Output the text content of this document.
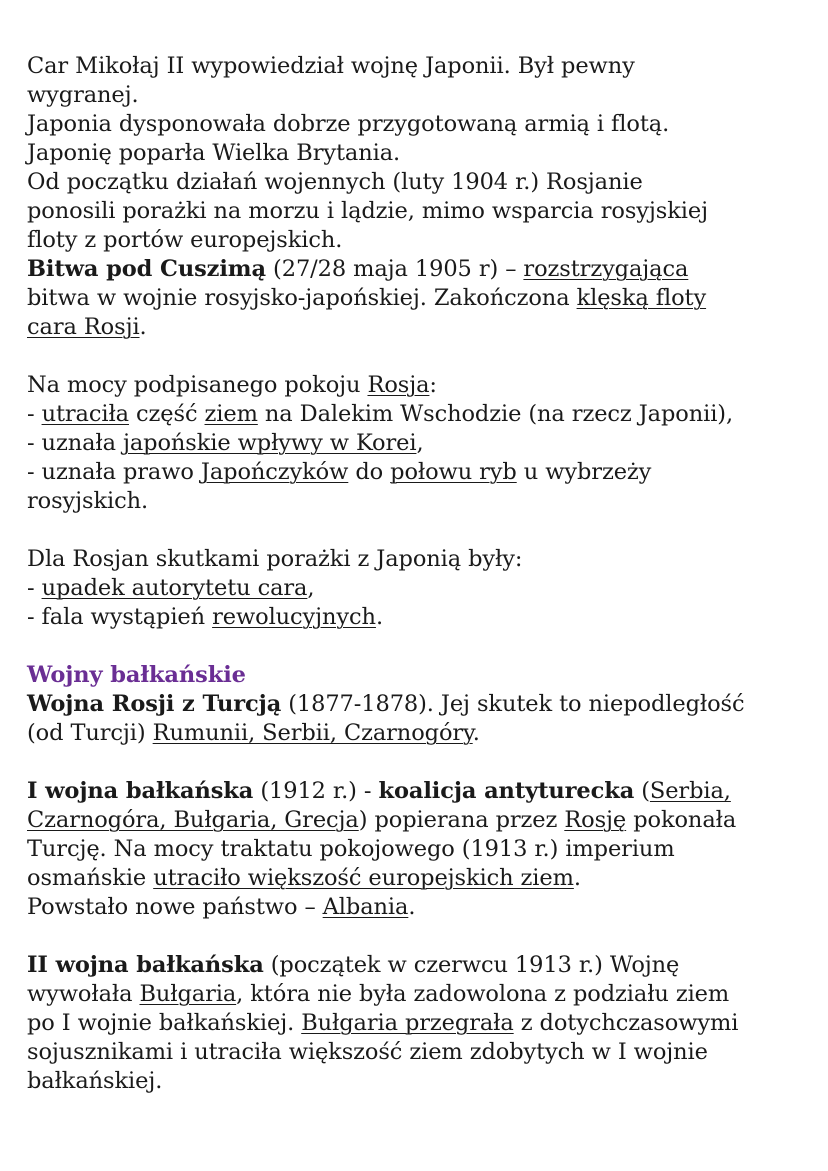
Car Mikołaj II wypowiedział wojnę Japonii. Był pewny
wygranej.
Japonia dysponowała dobrze przygotowaną armią i flotą.
Japonię poparła Wielka Brytania.
Od początku działań wojennych (luty 1904 r.) Rosjanie
ponosili porażki na morzu i lądzie, mimo wsparcia rosyjskiej
floty z portów europejskich.
Bitwa pod Cuszimą (27/28 maja 1905 r) – rozstrzygająca
bitwa w wojnie rosyjsko-japońskiej. Zakończona klęską floty
cara Rosji.
Na mocy podpisanego pokoju Rosja:
- utraciła część ziem na Dalekim Wschodzie (na rzecz Japonii),
- uznała japońskie wpływy w Korei,
- uznała prawo Japończyków do połowu ryb u wybrzeży
rosyjskich.
Dla Rosjan skutkami porażki z Japonią były:
- upadek autorytetu cara,
- fala wystąpień rewolucyjnych.
Wojny bałkańskie
Wojna Rosji z Turcją (1877-1878). Jej skutek to niepodległość
(od Turcji) Rumunii, Serbii, Czarnogóry.
I wojna bałkańska (1912 r.) - koalicja antyturecka (Serbia,
Czarnogóra, Bułgaria, Grecja) popierana przez Rosję pokonała
Turcję. Na mocy traktatu pokojowego (1913 r.) imperium
osmańskie utraciło większość europejskich ziem.
Powstało nowe państwo – Albania.
II wojna bałkańska (początek w czerwcu 1913 r.) Wojnę
wywołała Bułgaria, która nie była zadowolona z podziału ziem
po I wojnie bałkańskiej. Bułgaria przegrała z dotychczasowymi
sojusznikami i utraciła większość ziem zdobytych w I wojnie
bałkańskiej.
